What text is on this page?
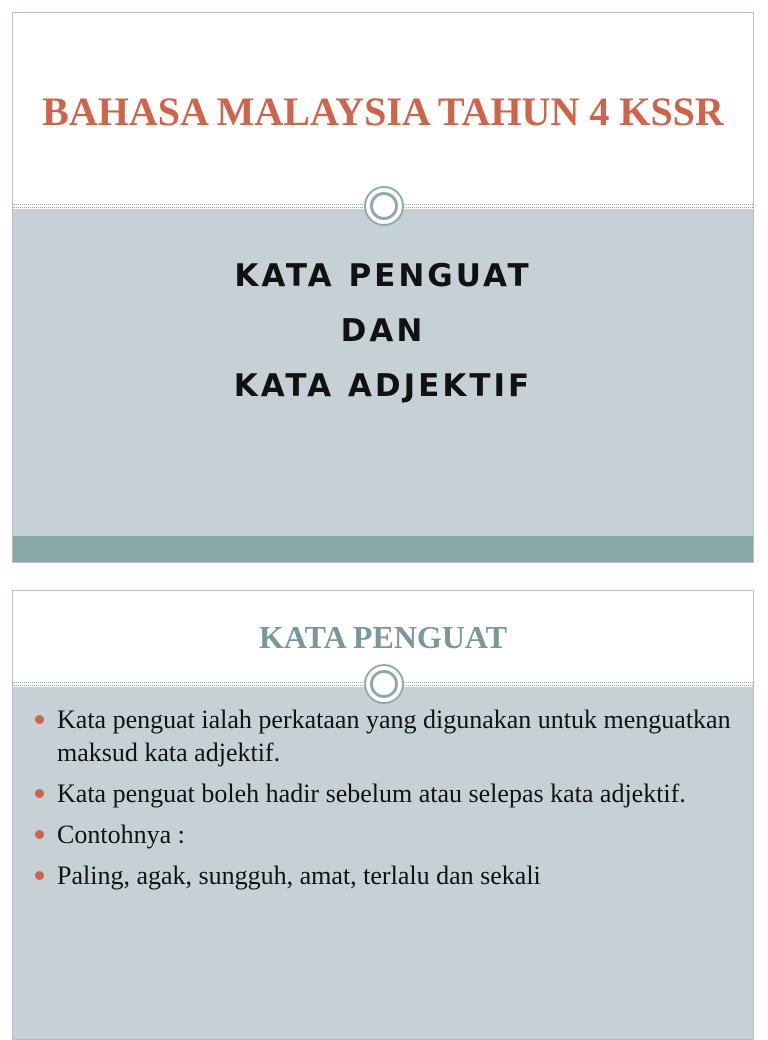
BAHASA MALAYSIA TAHUN 4 KSSR
KATA PENGUAT
DAN
KATA ADJEKTIF
KATA PENGUAT
Kata penguat ialah perkataan yang digunakan untuk menguatkan maksud kata adjektif.
Kata penguat boleh hadir sebelum atau selepas kata adjektif.
Contohnya :
Paling, agak, sungguh, amat, terlalu dan sekali
